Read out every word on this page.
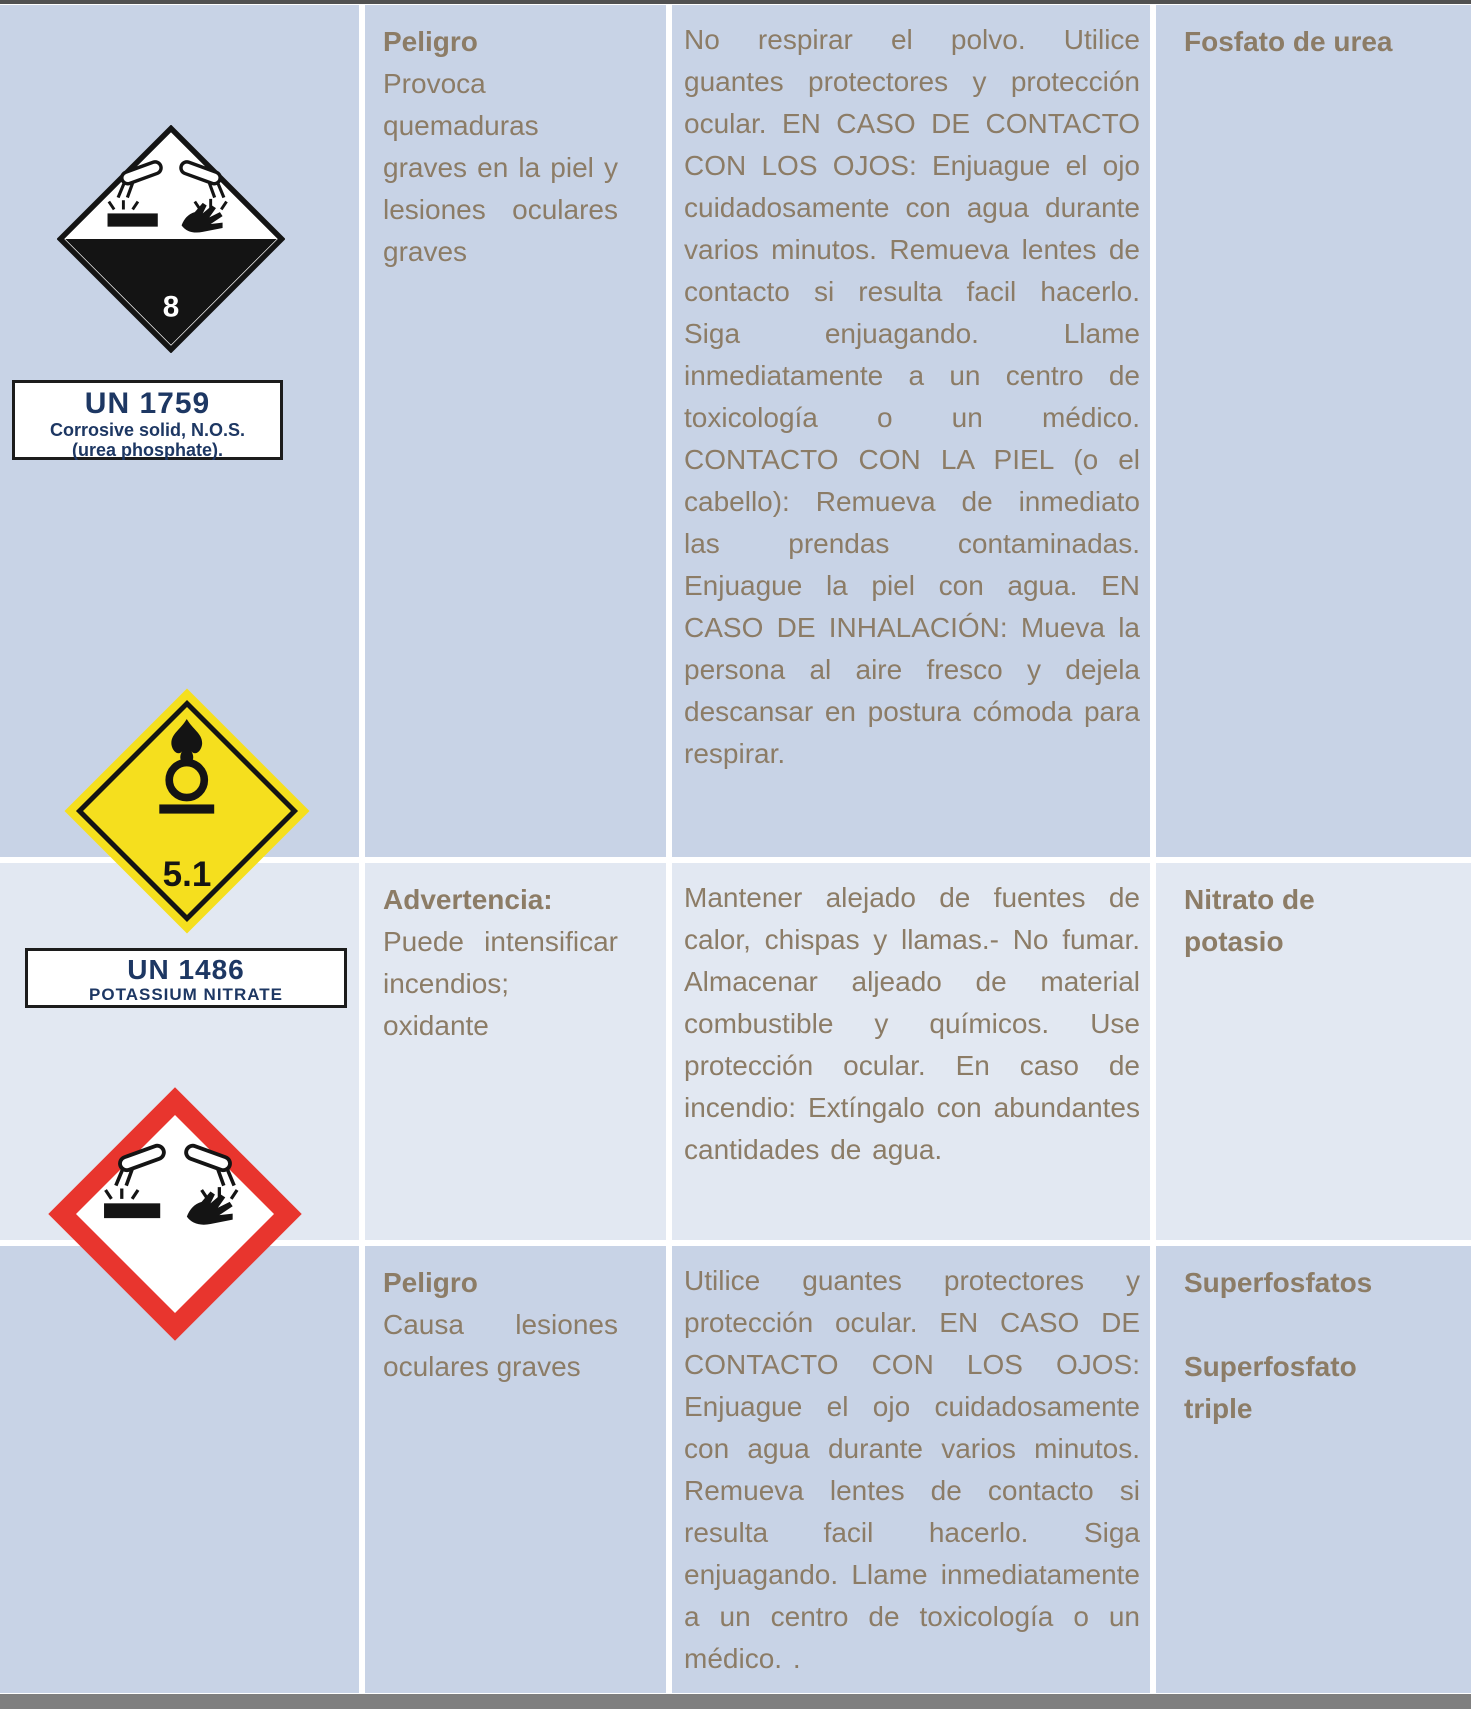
Peligro
Provoca quemaduras graves en la piel y lesiones oculares graves
No respirar el polvo. Utilice guantes protectores y protección ocular. EN CASO DE CONTACTO CON LOS OJOS: Enjuague el ojo cuidadosamente con agua durante varios minutos. Remueva lentes de contacto si resulta facil hacerlo. Siga enjuagando. Llame inmediatamente a un centro de toxicología o un médico. CONTACTO CON LA PIEL (o el cabello): Remueva de inmediato las prendas contaminadas. Enjuague la piel con agua. EN CASO DE INHALACIÓN: Mueva la persona al aire fresco y dejela descansar en postura cómoda para respirar.
Fosfato de urea
Advertencia:
Puede intensificar incendios; oxidante
Mantener alejado de fuentes de calor, chispas y llamas.- No fumar. Almacenar aljeado de material combustible y químicos. Use protección ocular. En caso de incendio: Extíngalo con abundantes cantidades de agua.
Nitrato de potasio
Peligro
Causa lesiones oculares graves
Utilice guantes protectores y protección ocular. EN CASO DE CONTACTO CON LOS OJOS: Enjuague el ojo cuidadosamente con agua durante varios minutos. Remueva lentes de contacto si resulta facil hacerlo. Siga enjuagando. Llame inmediatamente a un centro de toxicología o un médico. .
Superfosfatos
Superfosfato triple
8
UN 1759
Corrosive solid, N.O.S.
(urea phosphate).
5.1
UN 1486
POTASSIUM NITRATE
